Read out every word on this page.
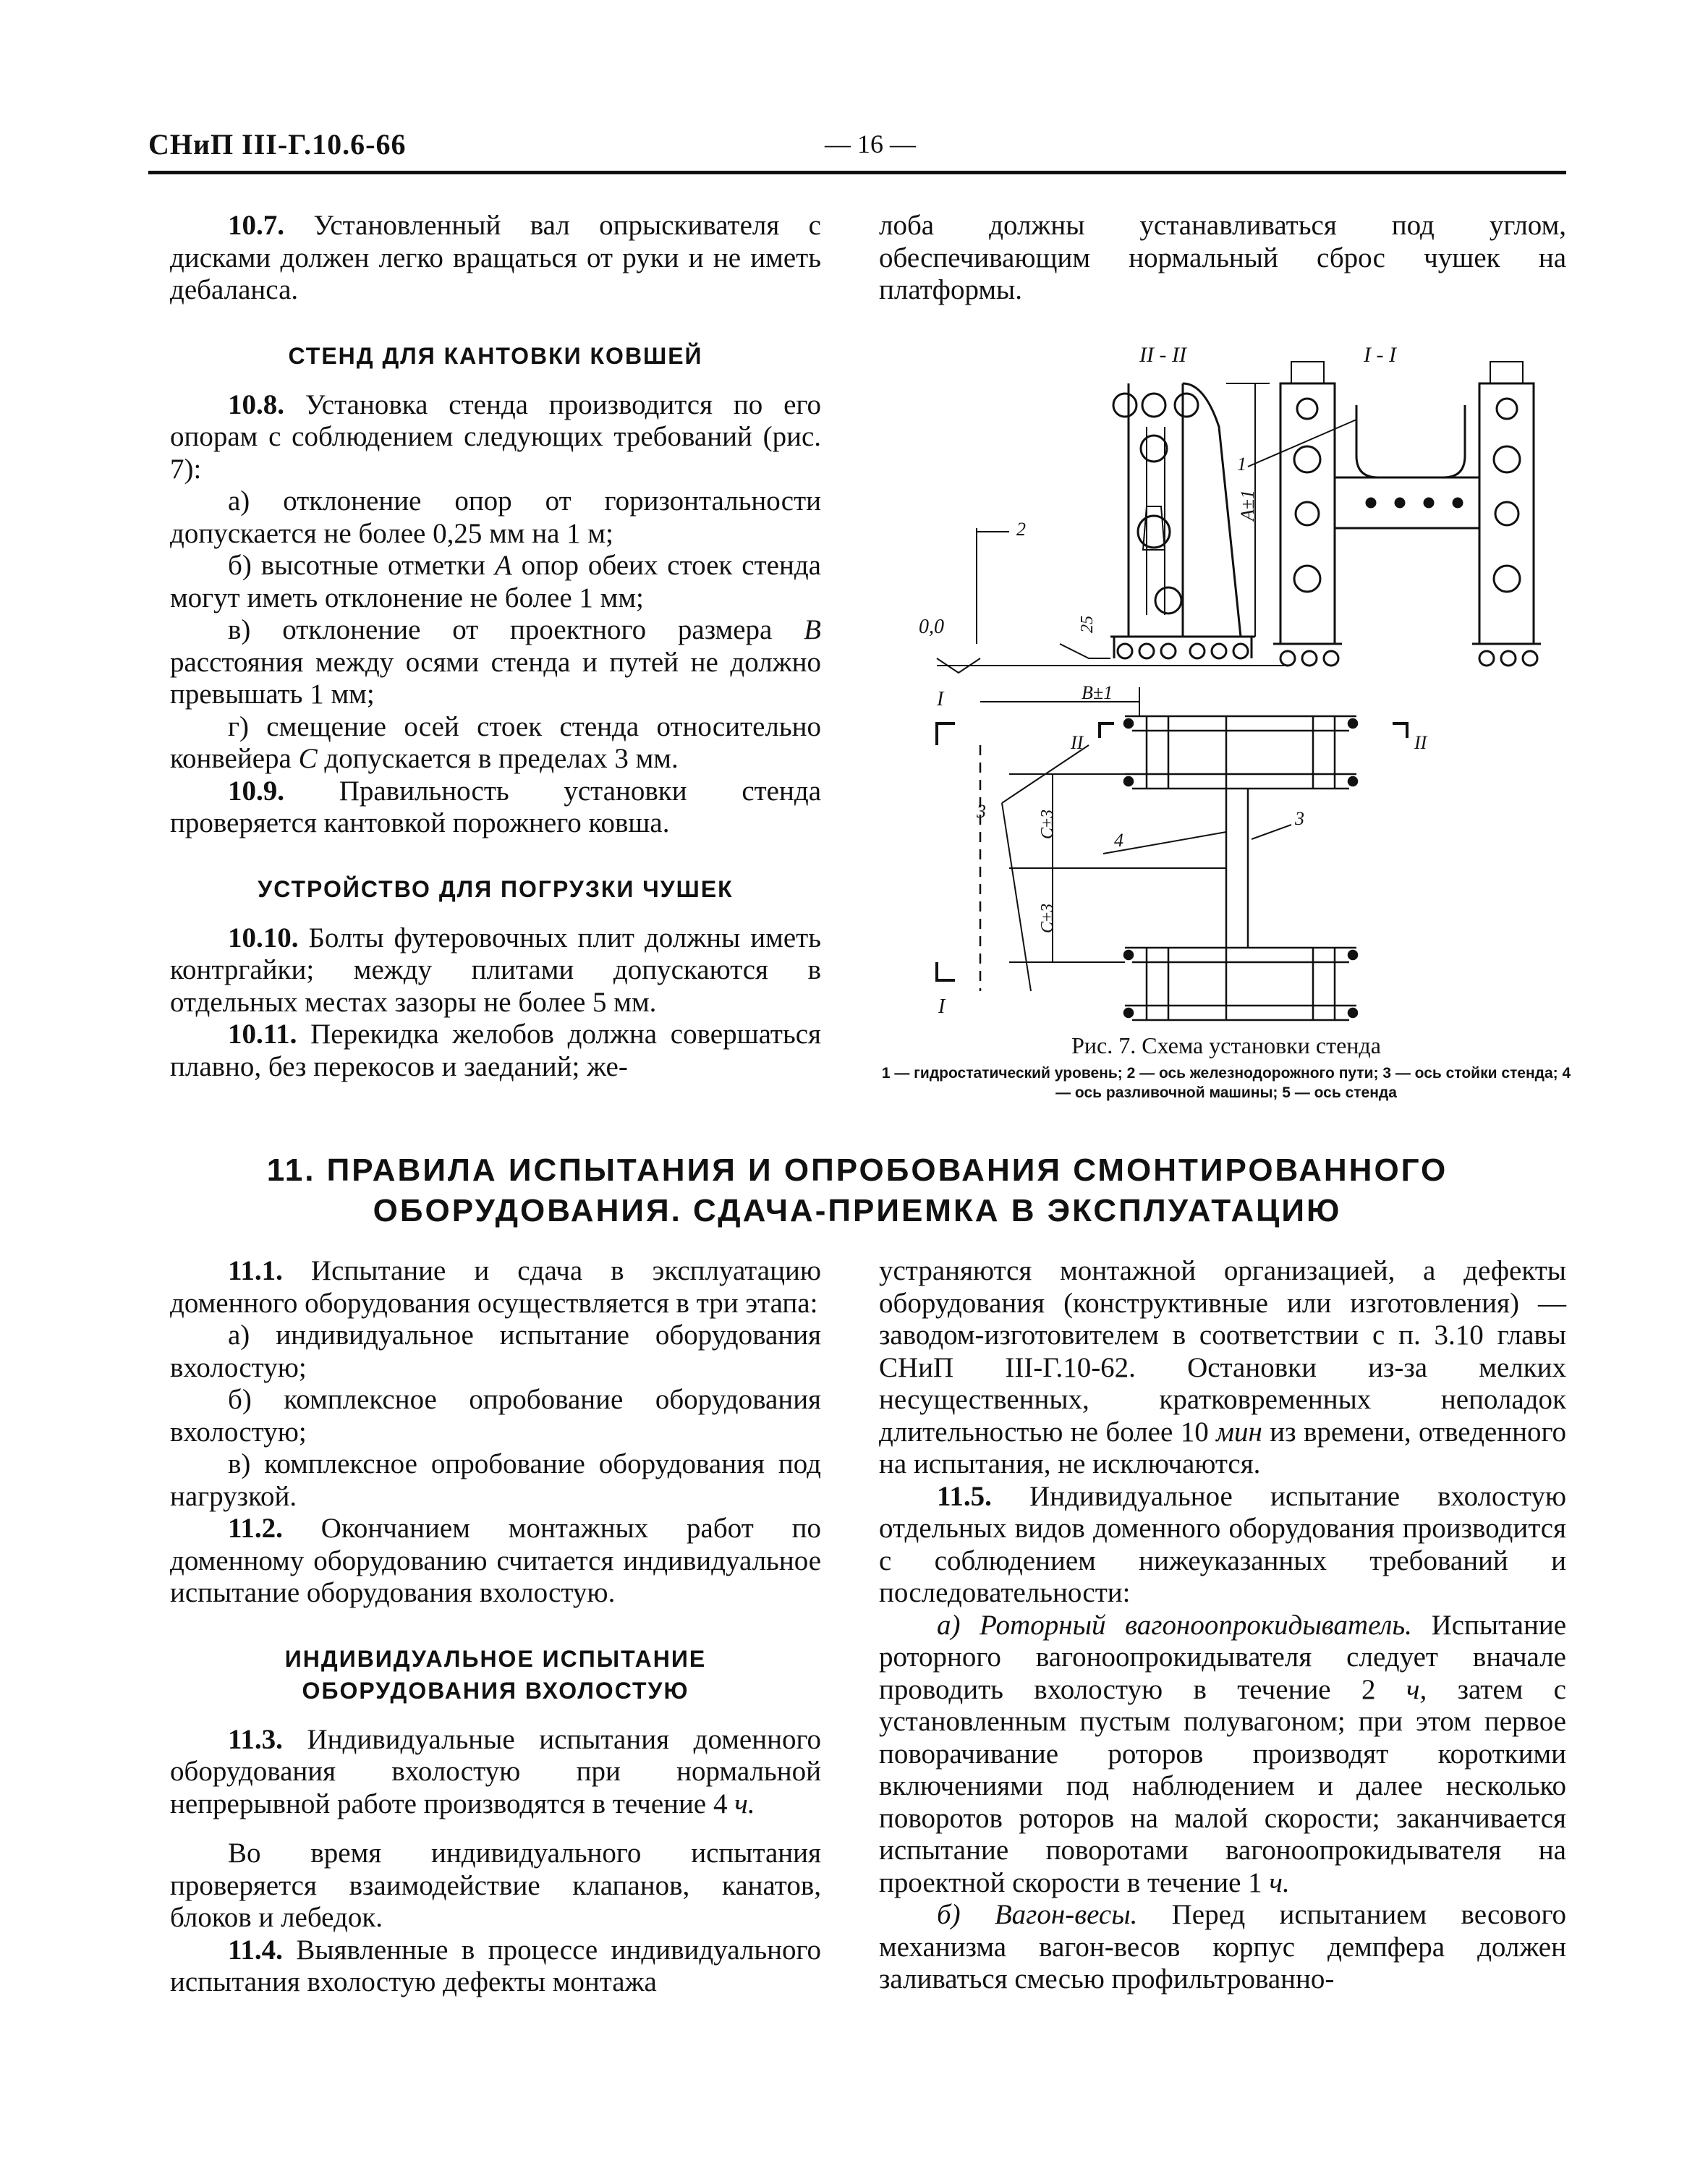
СНиП III-Г.10.6-66	— 16 —

10.7. Установленный вал опрыскивателя с дисками должен легко вращаться от руки и не иметь дебаланса.

СТЕНД ДЛЯ КАНТОВКИ КОВШЕЙ

10.8. Установка стенда производится по его опорам с соблюдением следующих требований (рис. 7):

а) отклонение опор от горизонтальности допускается не более 0,25 мм на 1 м;

б) высотные отметки А опор обеих стоек стенда могут иметь отклонение не более 1 мм;

в) отклонение от проектного размера В расстояния между осями стенда и путей не должно превышать 1 мм;

г) смещение осей стоек стенда относительно конвейера С допускается в пределах 3 мм.

10.9. Правильность установки стенда проверяется кантовкой порожнего ковша.

УСТРОЙСТВО ДЛЯ ПОГРУЗКИ ЧУШЕК

10.10. Болты футеровочных плит должны иметь контргайки; между плитами допускаются в отдельных местах зазоры не более 5 мм.

10.11. Перекидка желобов должна совершаться плавно, без перекосов и заеданий; же-

лоба должны устанавливаться под углом, обеспечивающим нормальный сброс чушек на платформы.

II - II	I - I
1
A±1
0,0	25
B±1
2
I
II	II
C±3
C±3
3
4
3
I
Рис. 7. Схема установки стенда
1 — гидростатический уровень; 2 — ось железнодорожного пути; 3 — ось стойки стенда; 4 — ось разливочной машины; 5 — ось стенда
11. ПРАВИЛА ИСПЫТАНИЯ И ОПРОБОВАНИЯ СМОНТИРОВАННОГО
ОБОРУДОВАНИЯ. СДАЧА-ПРИЕМКА В ЭКСПЛУАТАЦИЮ

11.1. Испытание и сдача в эксплуатацию доменного оборудования осуществляется в три этапа:

а) индивидуальное испытание оборудования вхолостую;

б) комплексное опробование оборудования вхолостую;

в) комплексное опробование оборудования под нагрузкой.

11.2. Окончанием монтажных работ по доменному оборудованию считается индивидуальное испытание оборудования вхолостую.

ИНДИВИДУАЛЬНОЕ ИСПЫТАНИЕ

ОБОРУДОВАНИЯ ВХОЛОСТУЮ

11.3. Индивидуальные испытания доменного оборудования вхолостую при нормальной непрерывной работе производятся в течение 4 ч.

Во время индивидуального испытания проверяется взаимодействие клапанов, канатов, блоков и лебедок.

11.4. Выявленные в процессе индивидуального испытания вхолостую дефекты монтажа

устраняются монтажной организацией, а дефекты оборудования (конструктивные или изготовления) — заводом-изготовителем в соответствии с п. 3.10 главы СНиП III-Г.10-62. Остановки из-за мелких несущественных, кратковременных неполадок длительностью не более 10 мин из времени, отведенного на испытания, не исключаются.

11.5. Индивидуальное испытание вхолостую отдельных видов доменного оборудования производится с соблюдением нижеуказанных требований и последовательности:

а) Роторный вагоноопрокидыватель. Испытание роторного вагоноопрокидывателя следует вначале проводить вхолостую в течение 2 ч, затем с установленным пустым полувагоном; при этом первое поворачивание роторов производят короткими включениями под наблюдением и далее несколько поворотов роторов на малой скорости; заканчивается испытание поворотами вагоноопрокидывателя на проектной скорости в течение 1 ч.

б) Вагон-весы. Перед испытанием весового механизма вагон-весов корпус демпфера должен заливаться смесью профильтрованно-
